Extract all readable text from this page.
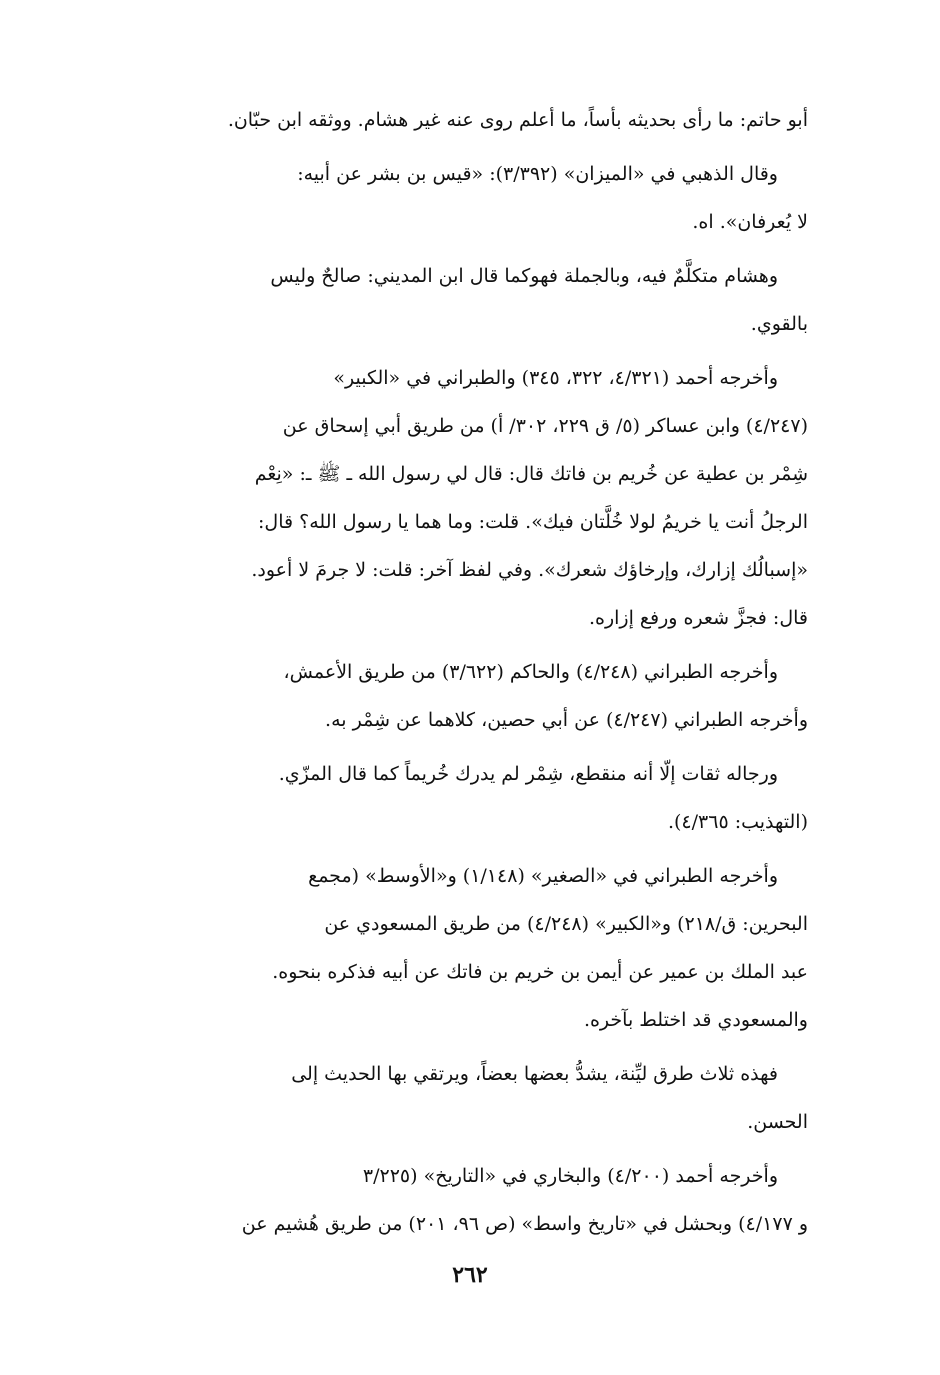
أبو حاتم: ما رأى بحديثه بأساً، ما أعلم روى عنه غير هشام. ووثقه ابن حبّان.
وقال الذهبي في «الميزان» (٣/٣٩٢): «قيس بن بشر عن أبيه:
لا يُعرفان». اه.
وهشام متكلَّمٌ فيه، وبالجملة فهوكما قال ابن المديني: صالحٌ وليس
بالقوي.
وأخرجه أحمد (٤/٣٢١، ٣٢٢، ٣٤٥) والطبراني في «الكبير»
(٤/٢٤٧) وابن عساكر (٥/ ق ٢٢٩، ٣٠٢/ أ) من طريق أبي إسحاق عن
شِمْر بن عطية عن خُريم بن فاتك قال: قال لي رسول الله ـ ﷺ ـ: «نِعْم
الرجلُ أنت يا خريمُ لولا خُلَّتان فيك». قلت: وما هما يا رسول الله؟ قال:
«إسبالُك إزارك، وإرخاؤك شعرك». وفي لفظ آخر: قلت: لا جرمَ لا أعود.
قال: فجزَّ شعره ورفع إزاره.
وأخرجه الطبراني (٤/٢٤٨) والحاكم (٣/٦٢٢) من طريق الأعمش،
وأخرجه الطبراني (٤/٢٤٧) عن أبي حصين، كلاهما عن شِمْر به.
ورجاله ثقات إلّا أنه منقطع، شِمْر لم يدرك خُريماً كما قال المزّي.
(التهذيب: ٤/٣٦٥).
وأخرجه الطبراني في «الصغير» (١/١٤٨) و«الأوسط» (مجمع
البحرين: ق/٢١٨) و«الكبير» (٤/٢٤٨) من طريق المسعودي عن
عبد الملك بن عمير عن أيمن بن خريم بن فاتك عن أبيه فذكره بنحوه.
والمسعودي قد اختلط بآخره.
فهذه ثلاث طرق ليِّنة، يشدُّ بعضها بعضاً، ويرتقي بها الحديث إلى
الحسن.
وأخرجه أحمد (٤/٢٠٠) والبخاري في «التاريخ» (٣/٢٢٥
و ٤/١٧٧) وبحشل في «تاريخ واسط» (ص ٩٦، ٢٠١) من طريق هُشيم عن
٢٦٢
